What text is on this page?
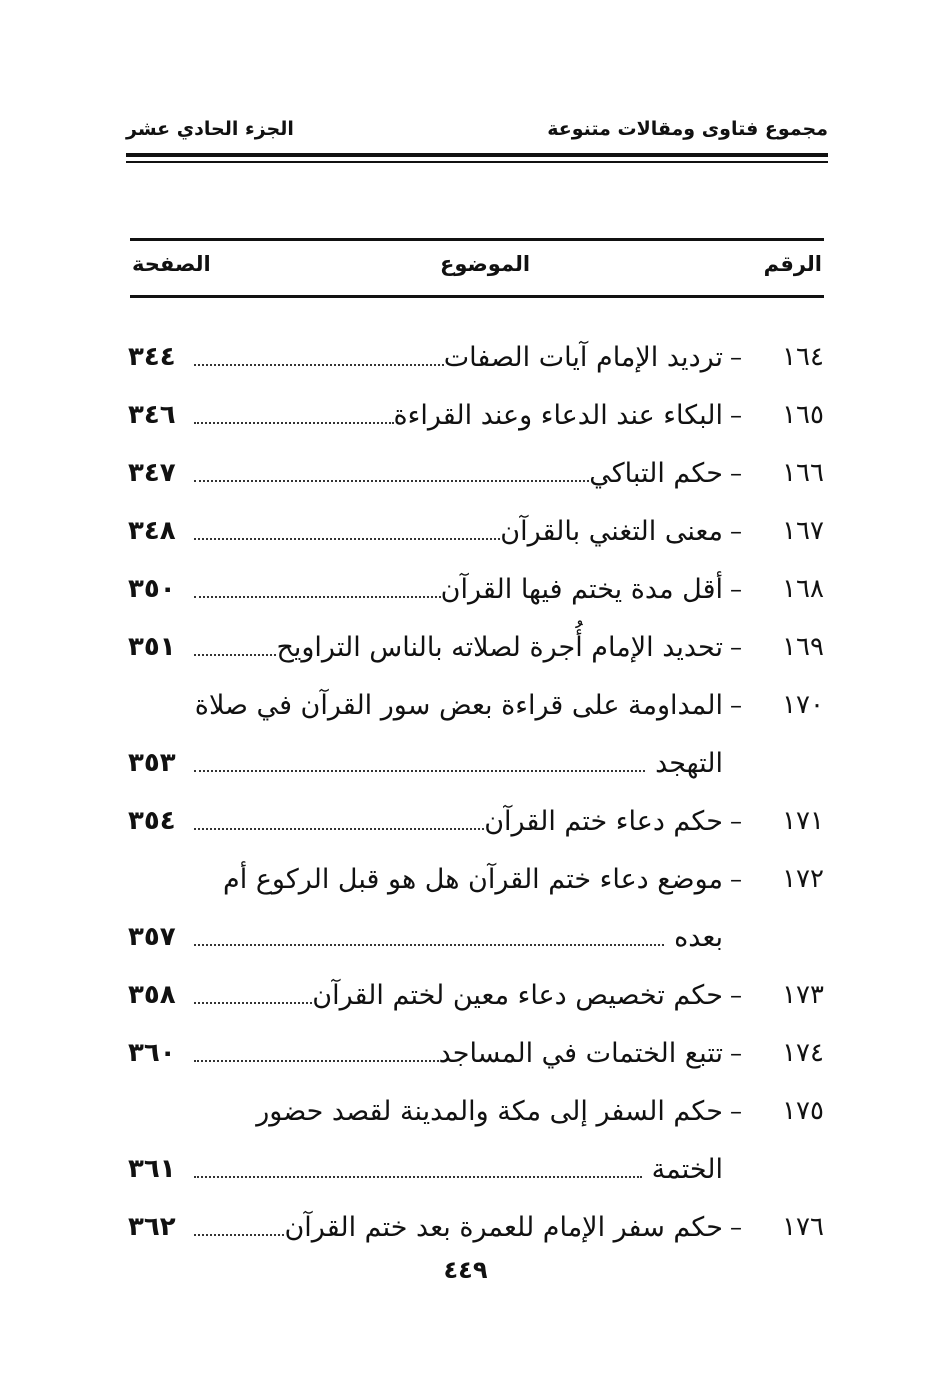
مجموع فتاوى ومقالات متنوعة
الجزء الحادي عشر
الرقم
الموضوع
الصفحة
١٦٤
–
ترديد الإمام آيات الصفات
٣٤٤
١٦٥
–
البكاء عند الدعاء وعند القراءة
٣٤٦
١٦٦
–
حكم التباكي
٣٤٧
١٦٧
–
معنى التغني بالقرآن
٣٤٨
١٦٨
–
أقل مدة يختم فيها القرآن
٣٥٠
١٦٩
–
تحديد الإمام أُجرة لصلاته بالناس التراويح
٣٥١
١٧٠
–
المداومة على قراءة بعض سور القرآن في صلاة
التهجد
٣٥٣
١٧١
–
حكم دعاء ختم القرآن
٣٥٤
١٧٢
–
موضع دعاء ختم القرآن هل هو قبل الركوع أم
بعده
٣٥٧
١٧٣
–
حكم تخصيص دعاء معين لختم القرآن
٣٥٨
١٧٤
–
تتبع الختمات في المساجد
٣٦٠
١٧٥
–
حكم السفر إلى مكة والمدينة لقصد حضور
الختمة
٣٦١
١٧٦
–
حكم سفر الإمام للعمرة بعد ختم القرآن
٣٦٢
٤٤٩
